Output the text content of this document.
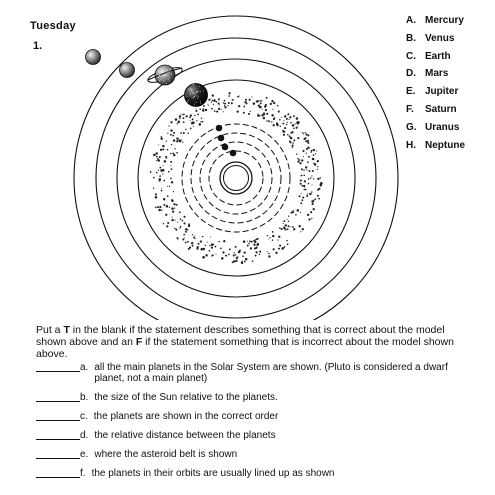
Tuesday
1.
A. Mercury
B. Venus
C. Earth
D. Mars
E. Jupiter
F. Saturn
G. Uranus
H. Neptune
Put a T in the blank if the statement describes something that is correct about the model shown above and an F if the statement something that is incorrect about the model shown above.
a. all the main planets in the Solar System are shown. (Pluto is considered a dwarf planet, not a main planet)
b. the size of the Sun relative to the planets.
c. the planets are shown in the correct order
d. the relative distance between the planets
e. where the asteroid belt is shown
f. the planets in their orbits are usually lined up as shown
